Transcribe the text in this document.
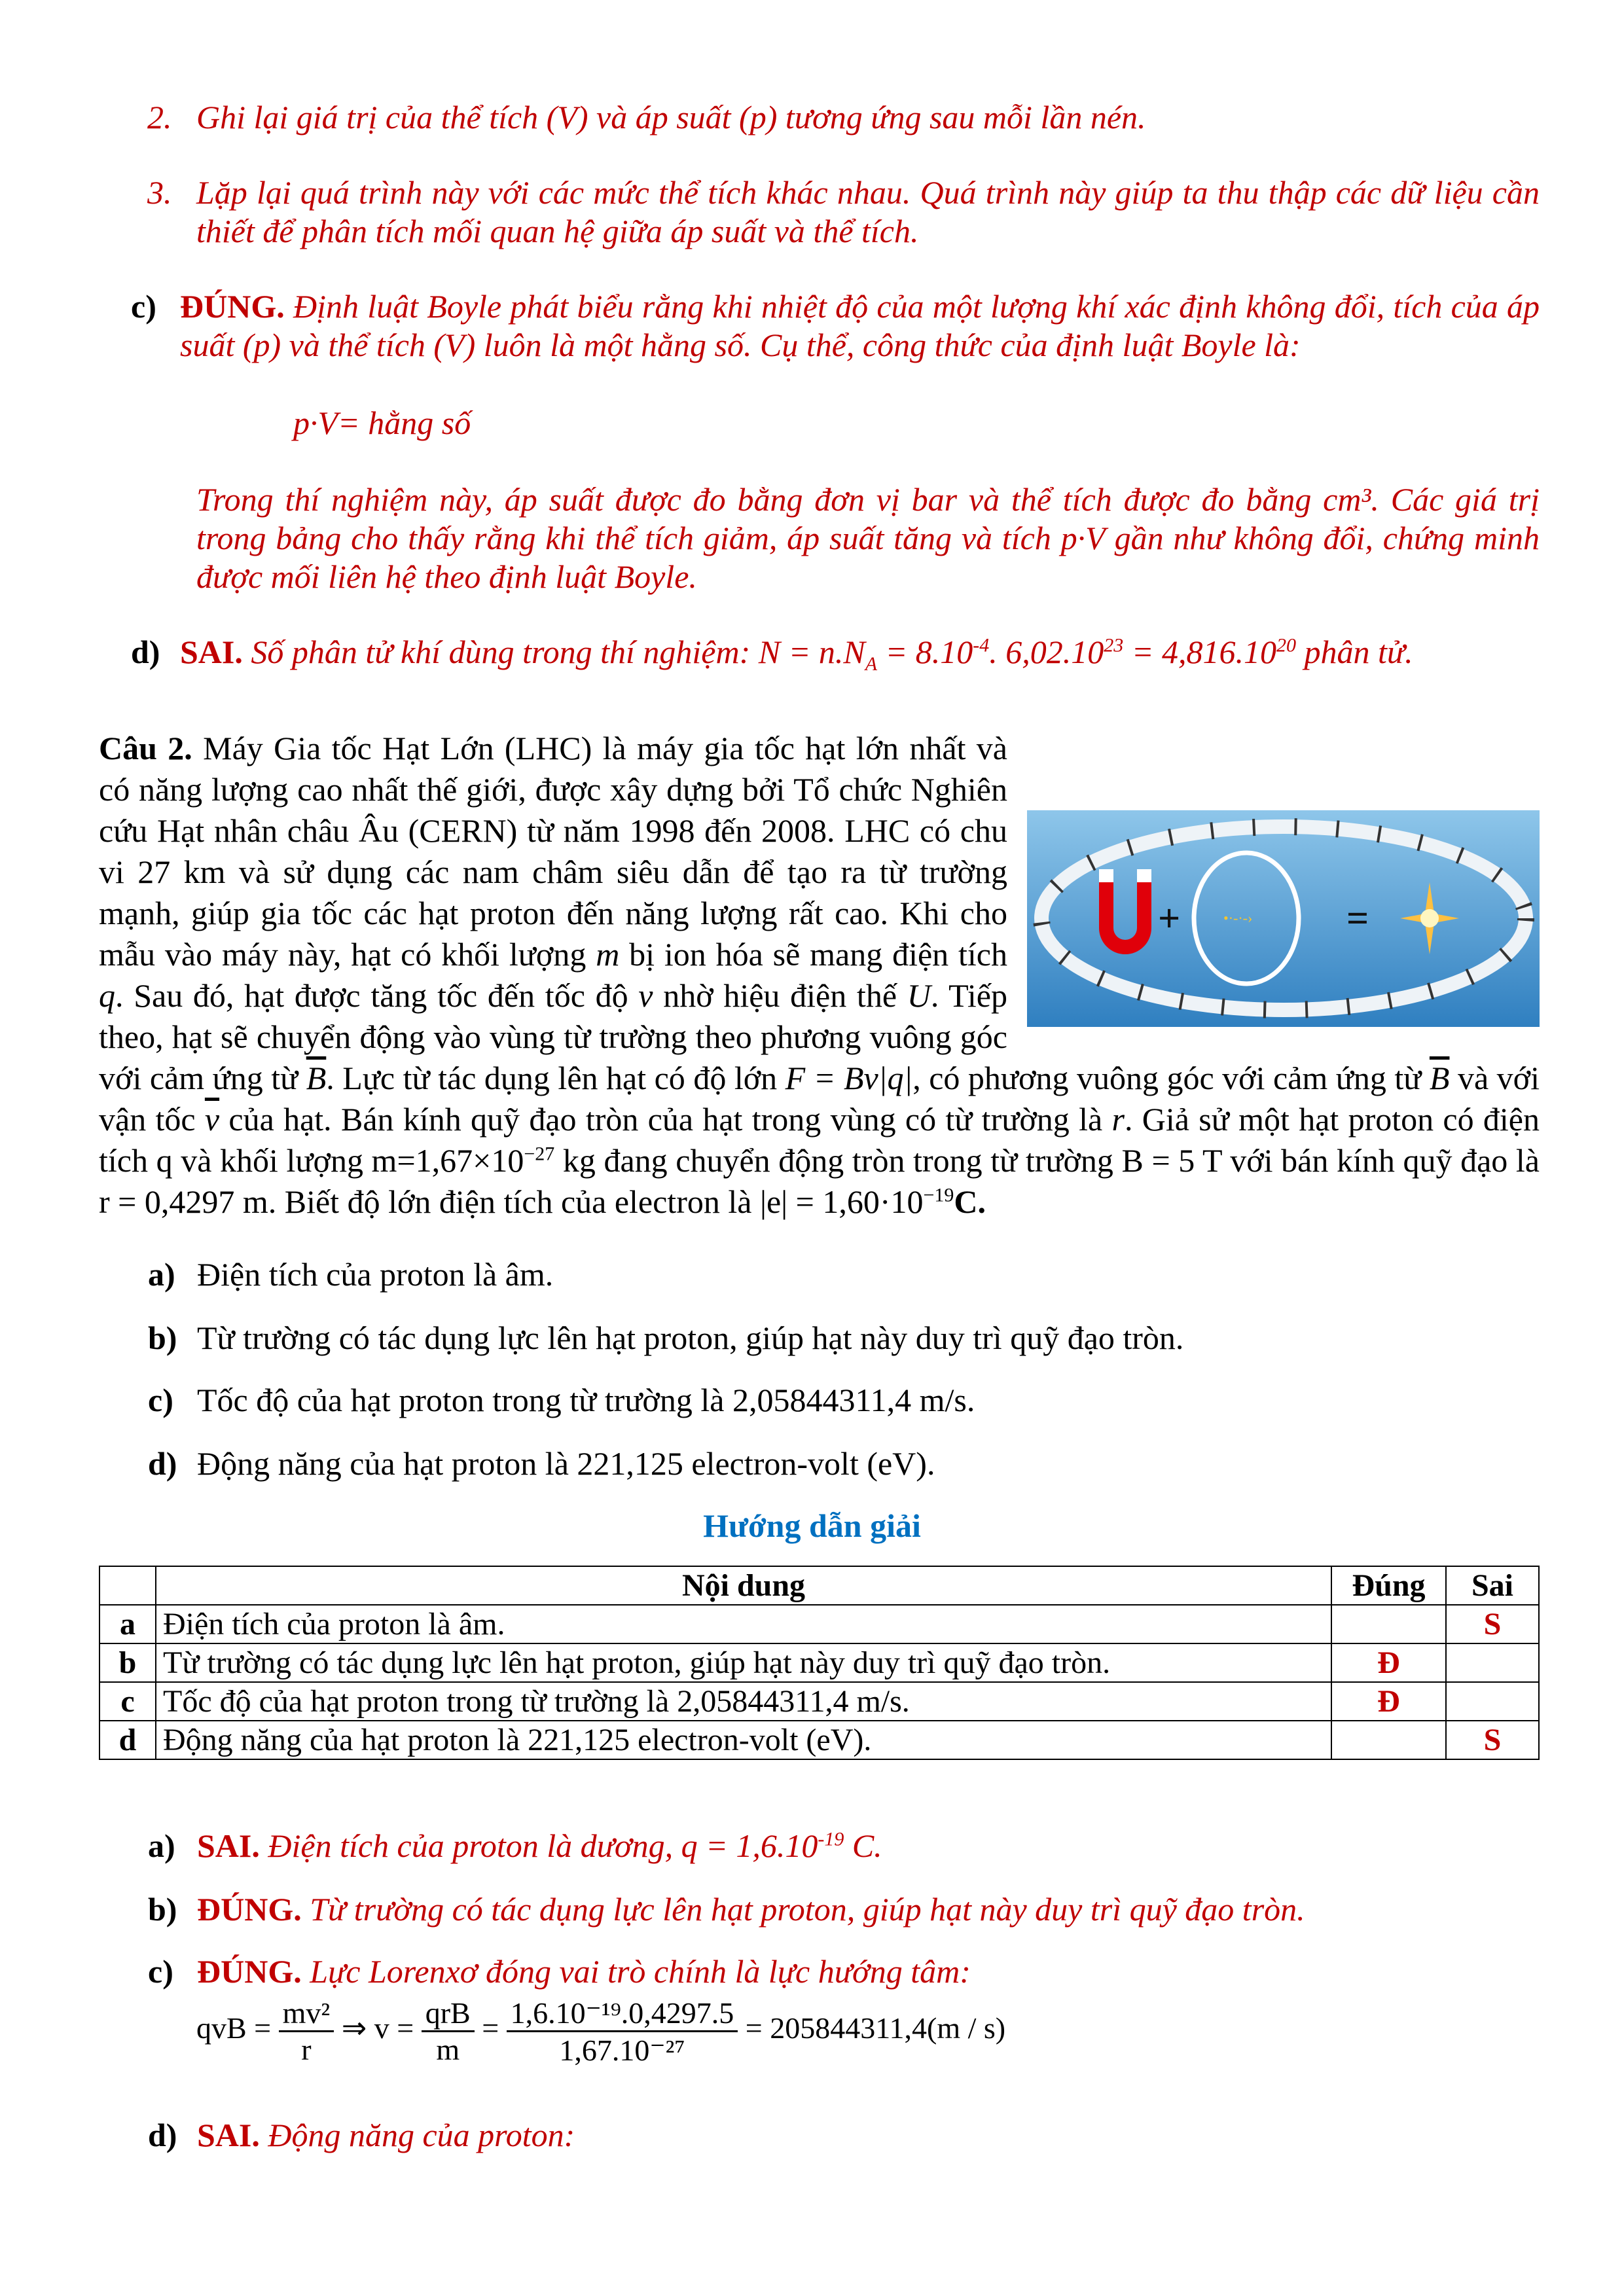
2. Ghi lại giá trị của thể tích (V) và áp suất (p) tương ứng sau mỗi lần nén.
3. Lặp lại quá trình này với các mức thể tích khác nhau. Quá trình này giúp ta thu thập các dữ liệu cần thiết để phân tích mối quan hệ giữa áp suất và thể tích.
c) ĐÚNG. Định luật Boyle phát biểu rằng khi nhiệt độ của một lượng khí xác định không đổi, tích của áp suất (p) và thể tích (V) luôn là một hằng số. Cụ thể, công thức của định luật Boyle là:
p·V= hằng số
Trong thí nghiệm này, áp suất được đo bằng đơn vị bar và thể tích được đo bằng cm³. Các giá trị trong bảng cho thấy rằng khi thể tích giảm, áp suất tăng và tích p·V gần như không đổi, chứng minh được mối liên hệ theo định luật Boyle.
d) SAI. Số phân tử khí dùng trong thí nghiệm: $N = n.N_A = 8.10^{-4}$. $6,02.10^{23} = 4,816.10^{20}$ phân tử.
+	•·-·-› =
Câu 2. Máy Gia tốc Hạt Lớn (LHC) là máy gia tốc hạt lớn nhất và có năng lượng cao nhất thế giới, được xây dựng bởi Tổ chức Nghiên cứu Hạt nhân châu Âu (CERN) từ năm 1998 đến 2008. LHC có chu vi 27 km và sử dụng các nam châm siêu dẫn để tạo ra từ trường mạnh, giúp gia tốc các hạt proton đến năng lượng rất cao. Khi cho mẫu vào máy này, hạt có khối lượng m bị ion hóa sẽ mang điện tích q. Sau đó, hạt được tăng tốc đến tốc độ v nhờ hiệu điện thế U. Tiếp theo, hạt sẽ chuyển động vào vùng từ trường theo phương vuông góc với cảm ứng từ $\overline{B}$. Lực từ tác dụng lên hạt có độ lớn F = Bv|q|, có phương vuông góc với cảm ứng từ $\overline{B}$ và với vận tốc $\overline{v}$ của hạt. Bán kính quỹ đạo tròn của hạt trong vùng có từ trường là r. Giả sử một hạt proton có điện tích q và khối lượng $m=1,67\times 10^{-27}$ kg đang chuyển động tròn trong từ trường B = 5 T với bán kính quỹ đạo là r = 0,4297 m. Biết độ lớn điện tích của electron là $|e| = 1,60\cdot 10^{-19}C$.
a) Điện tích của proton là âm.
b) Từ trường có tác dụng lực lên hạt proton, giúp hạt này duy trì quỹ đạo tròn.
c) Tốc độ của hạt proton trong từ trường là 2,05844311,4 m/s.
d) Động năng của hạt proton là 221,125 electron-volt (eV).
Hướng dẫn giải
	Nội dung	Đúng	Sai
a	Điện tích của proton là âm.		S
b	Từ trường có tác dụng lực lên hạt proton, giúp hạt này duy trì quỹ đạo tròn.	Đ	
c	Tốc độ của hạt proton trong từ trường là 2,05844311,4 m/s.	Đ	
d	Động năng của hạt proton là 221,125 electron-volt (eV).		S
a) SAI. Điện tích của proton là dương, $q = 1,6.10^{-19}$ C.
b) ĐÚNG. Từ trường có tác dụng lực lên hạt proton, giúp hạt này duy trì quỹ đạo tròn.
c) ĐÚNG. Lực Lorenxơ đóng vai trò chính là lực hướng tâm:
qvB = $\frac{\text{mv²}}{r}$ ⇒ $v = \frac{\text{qrB}}{m} = \frac{\text{1,6.10⁻¹⁹.0,4297.5}}{\text{1,67.10⁻²⁷}} = 205844311,4(m / s)$
d) SAI. Động năng của proton:
